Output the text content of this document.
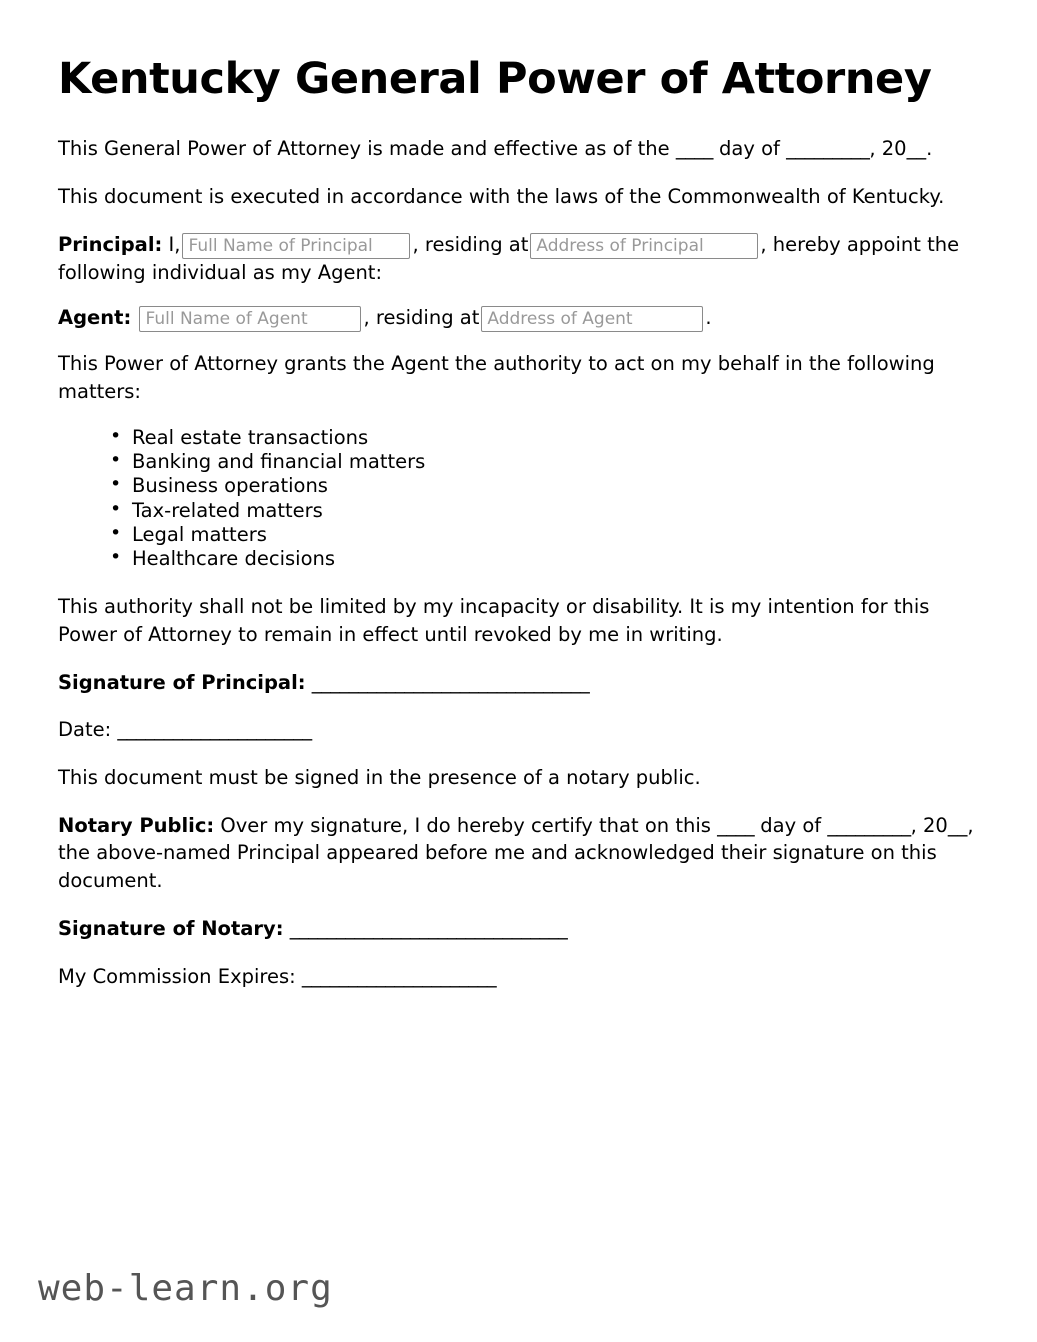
Kentucky General Power of Attorney

This General Power of Attorney is made and effective as of the ____ day of _________, 20__.

This document is executed in accordance with the laws of the Commonwealth of Kentucky.

Principal: I,Full Name of Principal	, residing atAddress of Principal	, hereby appoint the following individual as my Agent:

Agent: Full Name of Agent	, residing atAddress of Agent	.

This Power of Attorney grants the Agent the authority to act on my behalf in the following matters:

• Real estate transactions
• Banking and financial matters
• Business operations
• Tax-related matters
• Legal matters
• Healthcare decisions

This authority shall not be limited by my incapacity or disability. It is my intention for this Power of Attorney to remain in effect until revoked by me in writing.

Signature of Principal: ______________________________
Date: _____________________

This document must be signed in the presence of a notary public.

Notary Public: Over my signature, I do hereby certify that on this ____ day of _________, 20__, the above-named Principal appeared before me and acknowledged their signature on this document.

Signature of Notary: ______________________________
My Commission Expires: _____________________
web-learn.org
